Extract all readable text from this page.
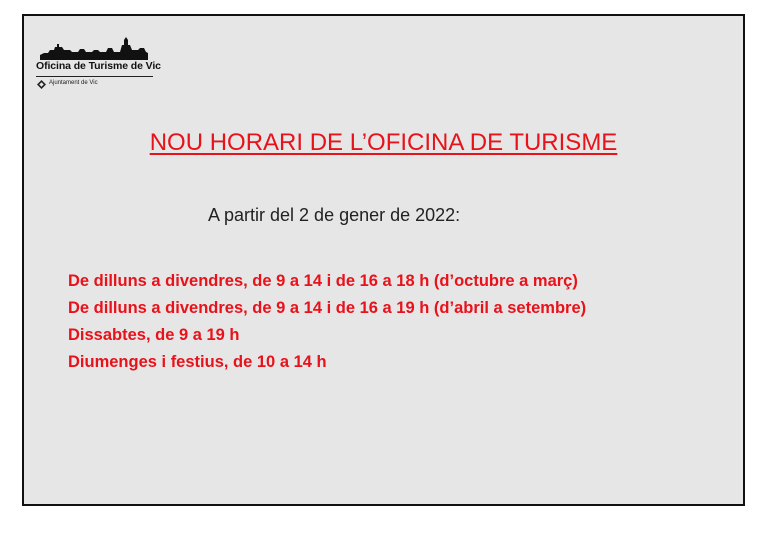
Oficina de Turisme de Vic
Ajuntament de Vic
NOU HORARI DE L’OFICINA DE TURISME
A partir del 2 de gener de 2022:
De dilluns a divendres, de 9 a 14 i de 16 a 18 h (d’octubre a març)
De dilluns a divendres, de 9 a 14 i de 16 a 19 h (d’abril a setembre)
Dissabtes, de 9 a 19 h
Diumenges i festius, de 10 a 14 h
